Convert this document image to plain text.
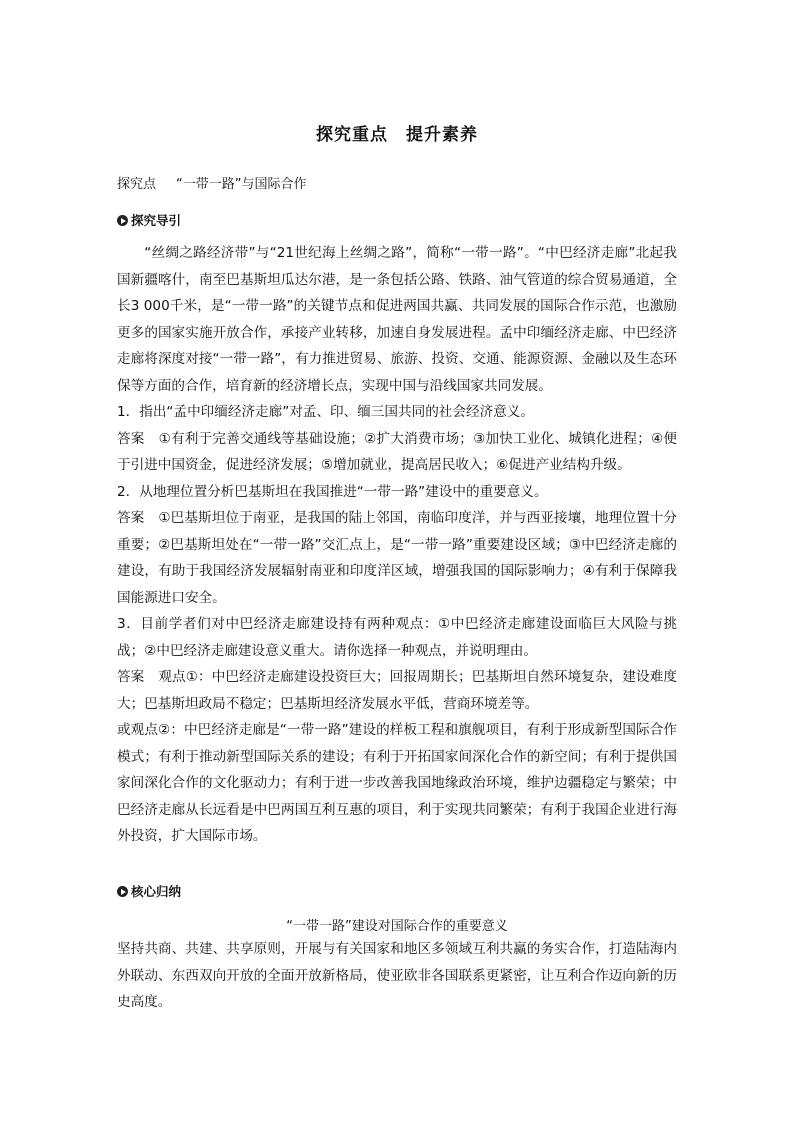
探究重点 提升素养
探究点 “一带一路”与国际合作
探究导引

“丝绸之路经济带”与“21世纪海上丝绸之路”，简称“一带一路”。“中巴经济走廊”北起我国新疆喀什，南至巴基斯坦瓜达尔港，是一条包括公路、铁路、油气管道的综合贸易通道，全长3 000千米，是“一带一路”的关键节点和促进两国共赢、共同发展的国际合作示范，也激励更多的国家实施开放合作，承接产业转移，加速自身发展进程。孟中印缅经济走廊、中巴经济走廊将深度对接“一带一路”，有力推进贸易、旅游、投资、交通、能源资源、金融以及生态环保等方面的合作，培育新的经济增长点，实现中国与沿线国家共同发展。

1．指出“孟中印缅经济走廊”对孟、印、缅三国共同的社会经济意义。

答案 ①有利于完善交通线等基础设施；②扩大消费市场；③加快工业化、城镇化进程；④便于引进中国资金，促进经济发展；⑤增加就业，提高居民收入；⑥促进产业结构升级。

2．从地理位置分析巴基斯坦在我国推进“一带一路”建设中的重要意义。

答案 ①巴基斯坦位于南亚，是我国的陆上邻国，南临印度洋，并与西亚接壤，地理位置十分重要；②巴基斯坦处在“一带一路”交汇点上，是“一带一路”重要建设区域；③中巴经济走廊的建设，有助于我国经济发展辐射南亚和印度洋区域，增强我国的国际影响力；④有利于保障我国能源进口安全。

3．目前学者们对中巴经济走廊建设持有两种观点：①中巴经济走廊建设面临巨大风险与挑战；②中巴经济走廊建设意义重大。请你选择一种观点，并说明理由。

答案 观点①：中巴经济走廊建设投资巨大；回报周期长；巴基斯坦自然环境复杂，建设难度大；巴基斯坦政局不稳定；巴基斯坦经济发展水平低，营商环境差等。

或观点②：中巴经济走廊是“一带一路”建设的样板工程和旗舰项目，有利于形成新型国际合作模式；有利于推动新型国际关系的建设；有利于开拓国家间深化合作的新空间；有利于提供国家间深化合作的文化驱动力；有利于进一步改善我国地缘政治环境，维护边疆稳定与繁荣；中巴经济走廊从长远看是中巴两国互利互惠的项目，利于实现共同繁荣；有利于我国企业进行海外投资，扩大国际市场。

核心归纳
“一带一路”建设对国际合作的重要意义

坚持共商、共建、共享原则，开展与有关国家和地区多领域互利共赢的务实合作，打造陆海内外联动、东西双向开放的全面开放新格局，使亚欧非各国联系更紧密，让互利合作迈向新的历史高度。
